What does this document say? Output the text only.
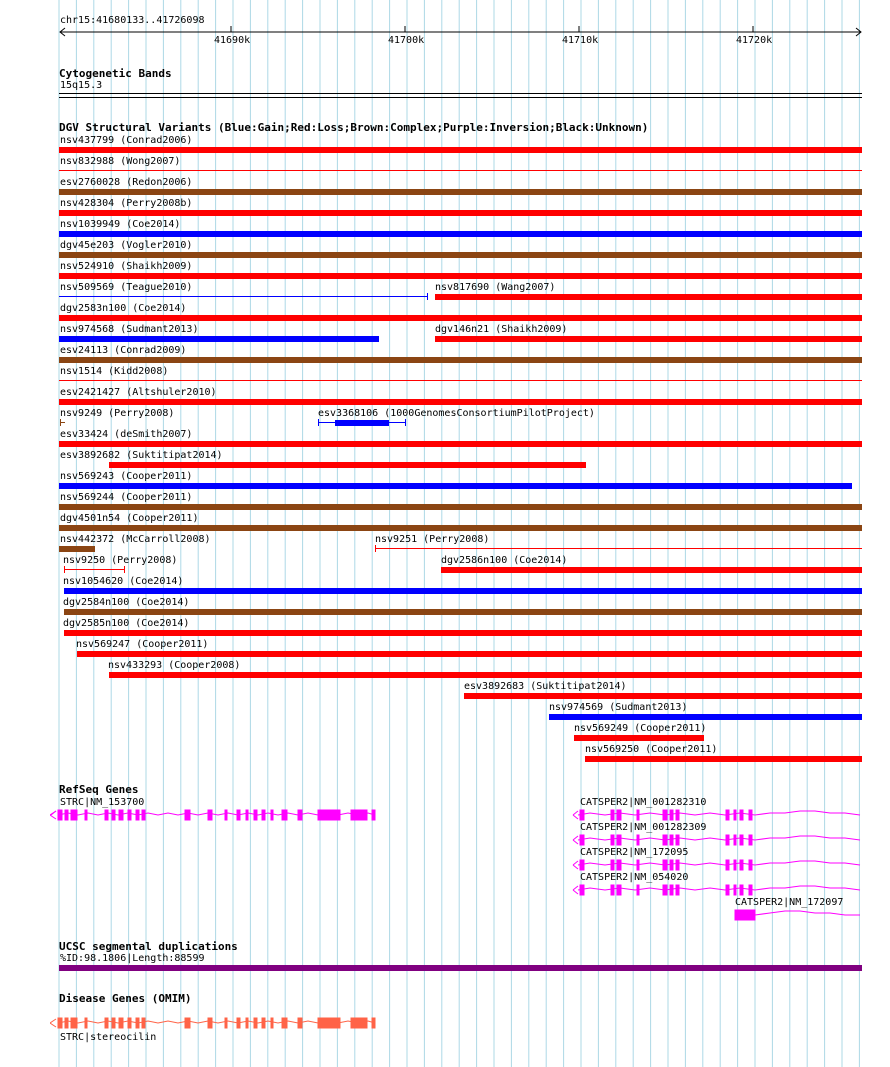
chr15:41680133..41726098
41690k	41700k	41710k	41720k
Cytogenetic Bands
15q15.3
DGV Structural Variants (Blue:Gain;Red:Loss;Brown:Complex;Purple:Inversion;Black:Unknown)
nsv437799 (Conrad2006)
nsv832988 (Wong2007)
esv2760028 (Redon2006)
nsv428304 (Perry2008b)
nsv1039949 (Coe2014)
dgv45e203 (Vogler2010)
nsv524910 (Shaikh2009)
nsv509569 (Teague2010)	nsv817690 (Wang2007)
dgv2583n100 (Coe2014)
nsv974568 (Sudmant2013)	dgv146n21 (Shaikh2009)
esv24113 (Conrad2009)
nsv1514 (Kidd2008)
esv2421427 (Altshuler2010)
nsv9249 (Perry2008)	esv3368106 (1000GenomesConsortiumPilotProject)
esv33424 (deSmith2007)
esv3892682 (Suktitipat2014)
nsv569243 (Cooper2011)
nsv569244 (Cooper2011)
dgv4501n54 (Cooper2011)
nsv442372 (McCarroll2008)	nsv9251 (Perry2008)
nsv9250 (Perry2008)	dgv2586n100 (Coe2014)
nsv1054620 (Coe2014)
dgv2584n100 (Coe2014)
dgv2585n100 (Coe2014)
nsv569247 (Cooper2011)
nsv433293 (Cooper2008)
esv3892683 (Suktitipat2014)
nsv974569 (Sudmant2013)
nsv569249 (Cooper2011)
nsv569250 (Cooper2011)
RefSeq Genes
STRC|NM_153700	CATSPER2|NM_001282310
CATSPER2|NM_001282309
CATSPER2|NM_172095
CATSPER2|NM_054020
CATSPER2|NM_172097
UCSC segmental duplications
%ID:98.1806|Length:88599
Disease Genes (OMIM)
STRC|stereocilin
